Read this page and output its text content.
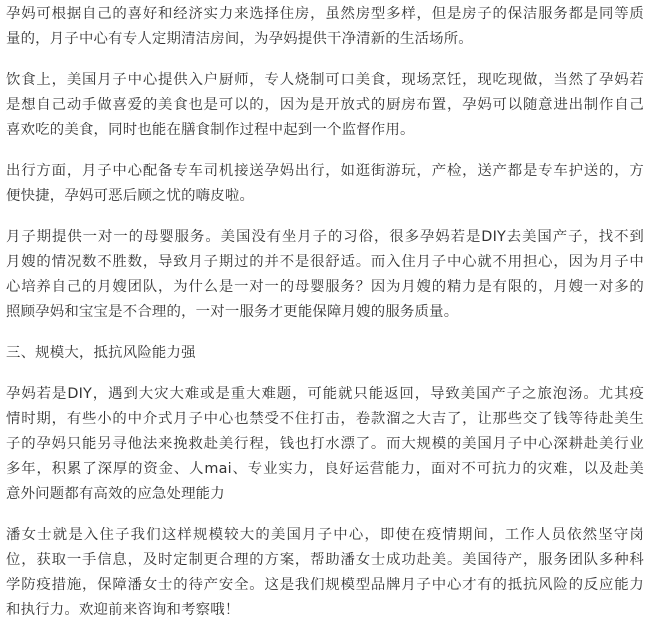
孕妈可根据自己的喜好和经济实力来选择住房，虽然房型多样，但是房子的保洁服务都是同等质
量的，月子中心有专人定期清洁房间，为孕妈提供干净清新的生活场所。

饮食上，美国月子中心提供入户厨师，专人烧制可口美食，现场烹饪，现吃现做，当然了孕妈若
是想自己动手做喜爱的美食也是可以的，因为是开放式的厨房布置，孕妈可以随意进出制作自己
喜欢吃的美食，同时也能在膳食制作过程中起到一个监督作用。

出行方面，月子中心配备专车司机接送孕妈出行，如逛街游玩，产检，送产都是专车护送的，方
便快捷，孕妈可恶后顾之忧的嗨皮啦。

月子期提供一对一的母婴服务。美国没有坐月子的习俗，很多孕妈若是DIY去美国产子，找不到
月嫂的情况数不胜数，导致月子期过的并不是很舒适。而入住月子中心就不用担心，因为月子中
心培养自己的月嫂团队，为什么是一对一的母婴服务？因为月嫂的精力是有限的，月嫂一对多的
照顾孕妈和宝宝是不合理的，一对一服务才更能保障月嫂的服务质量。

三、规模大，抵抗风险能力强

孕妈若是DIY，遇到大灾大难或是重大难题，可能就只能返回，导致美国产子之旅泡汤。尤其疫
情时期，有些小的中介式月子中心也禁受不住打击，卷款溜之大吉了，让那些交了钱等待赴美生
子的孕妈只能另寻他法来挽救赴美行程，钱也打水漂了。而大规模的美国月子中心深耕赴美行业
多年，积累了深厚的资金、人mai、专业实力，良好运营能力，面对不可抗力的灾难，以及赴美
意外问题都有高效的应急处理能力

潘女士就是入住子我们这样规模较大的美国月子中心，即使在疫情期间，工作人员依然坚守岗
位，获取一手信息，及时定制更合理的方案，帮助潘女士成功赴美。美国待产，服务团队多种科
学防疫措施，保障潘女士的待产安全。这是我们规模型品牌月子中心才有的抵抗风险的反应能力
和执行力。欢迎前来咨询和考察哦！
